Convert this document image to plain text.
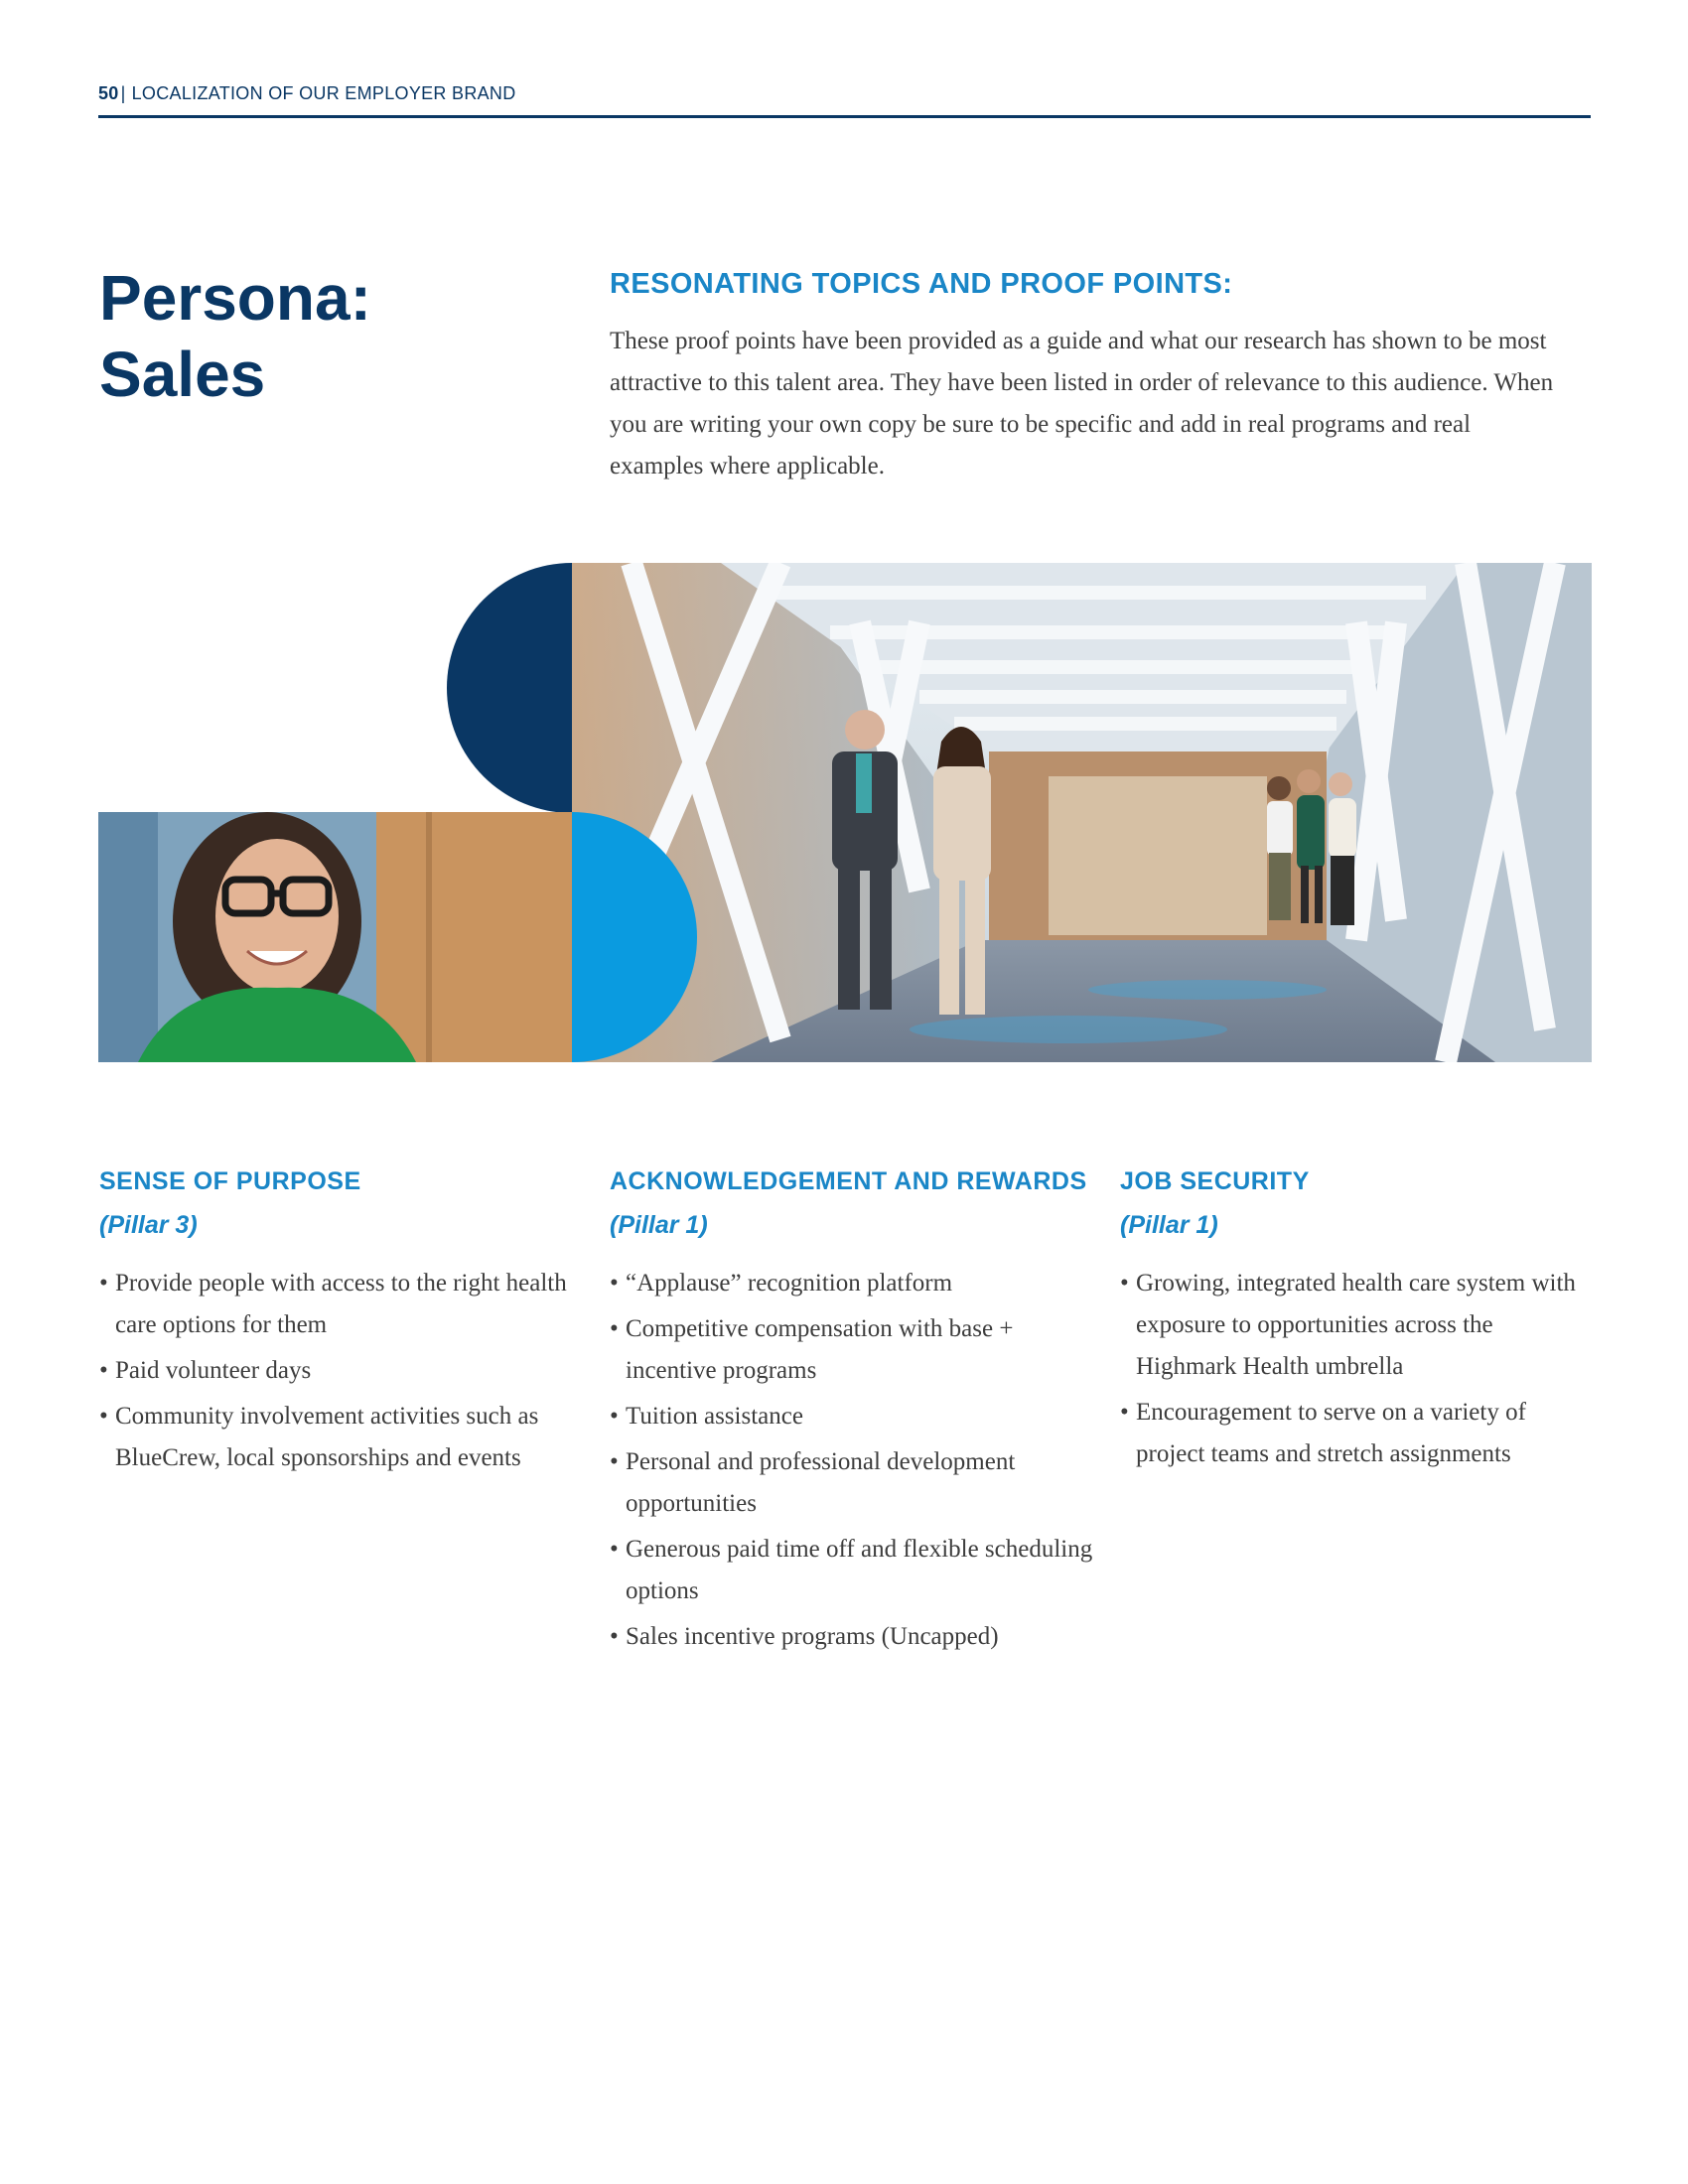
50 | LOCALIZATION OF OUR EMPLOYER BRAND
Persona:
Sales
RESONATING TOPICS AND PROOF POINTS:

These proof points have been provided as a guide and what our research has shown to be most attractive to this talent area. They have been listed in order of relevance to this audience. When you are writing your own copy be sure to be specific and add in real programs and real examples where applicable.

SENSE OF PURPOSE

(Pillar 3)

• Provide people with access to the right health care options for them
• Paid volunteer days
• Community involvement activities such as BlueCrew, local sponsorships and events
ACKNOWLEDGEMENT AND REWARDS

(Pillar 1)

• “Applause” recognition platform
• Competitive compensation with base + incentive programs
• Tuition assistance
• Personal and professional development opportunities
• Generous paid time off and flexible scheduling options
• Sales incentive programs (Uncapped)
JOB SECURITY

(Pillar 1)

• Growing, integrated health care system with exposure to opportunities across the Highmark Health umbrella
• Encouragement to serve on a variety of project teams and stretch assignments
